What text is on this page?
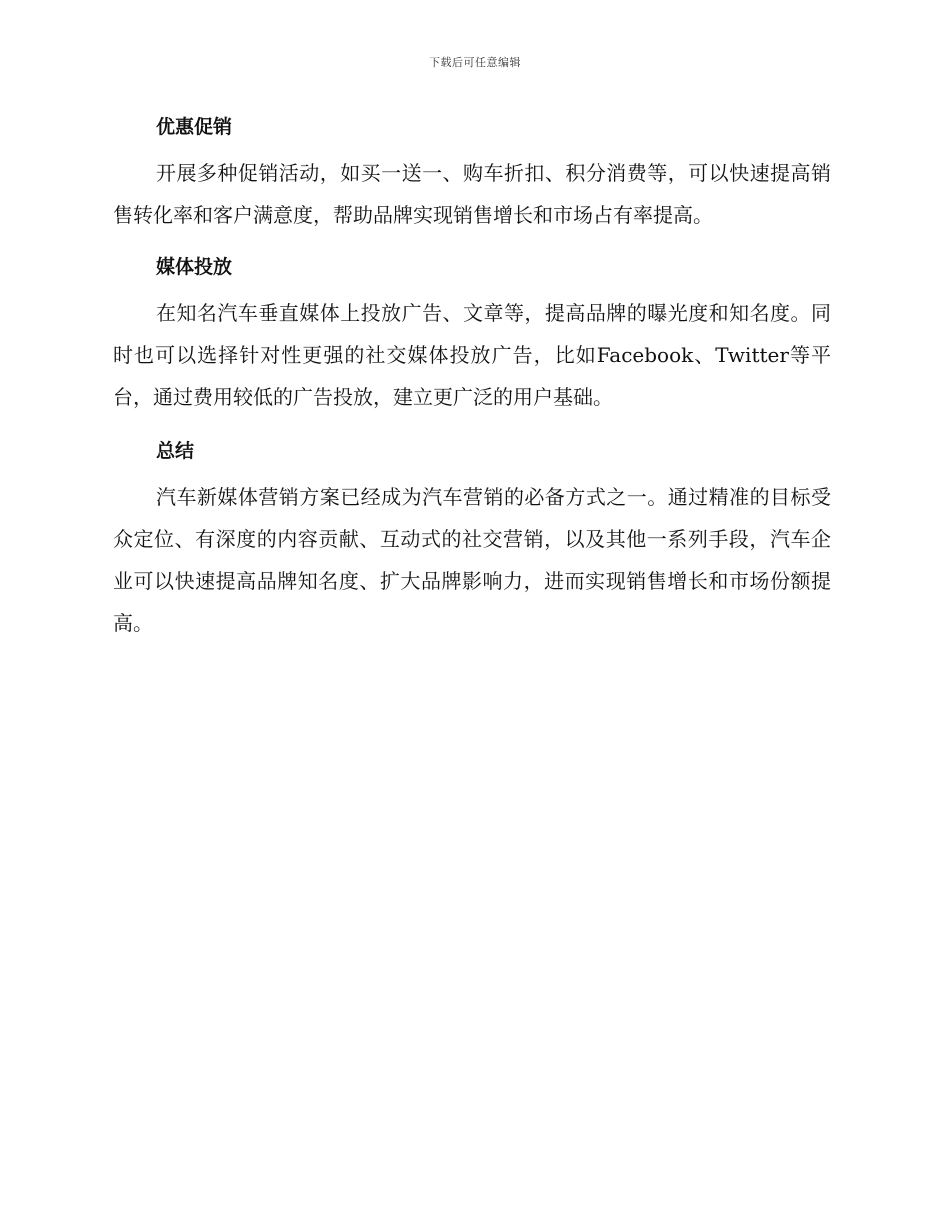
下载后可任意编辑
优惠促销

开展多种促销活动，如买一送一、购车折扣、积分消费等，可以快速提高销售转化率和客户满意度，帮助品牌实现销售增长和市场占有率提高。

媒体投放

在知名汽车垂直媒体上投放广告、文章等，提高品牌的曝光度和知名度。同时也可以选择针对性更强的社交媒体投放广告，比如Facebook、Twitter等平台，通过费用较低的广告投放，建立更广泛的用户基础。

总结

汽车新媒体营销方案已经成为汽车营销的必备方式之一。通过精准的目标受众定位、有深度的内容贡献、互动式的社交营销，以及其他一系列手段，汽车企业可以快速提高品牌知名度、扩大品牌影响力，进而实现销售增长和市场份额提高。
